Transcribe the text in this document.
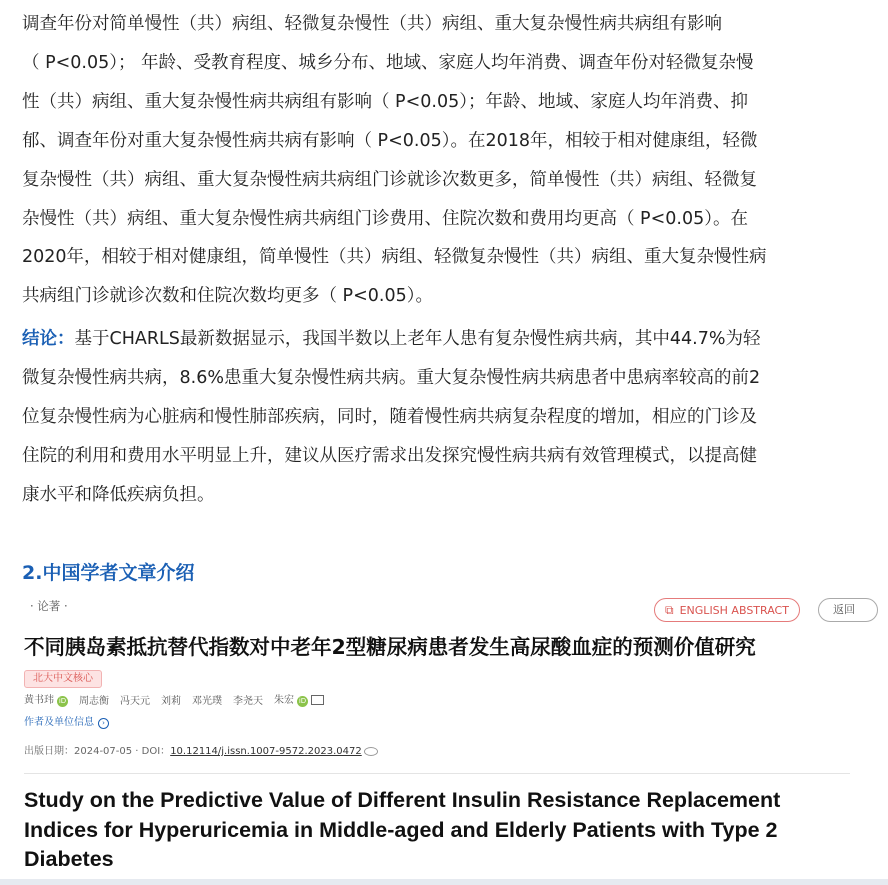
调查年份对简单慢性（共）病组、轻微复杂慢性（共）病组、重大复杂慢性病共病组有影响
（ P<0.05）； 年龄、受教育程度、城乡分布、地域、家庭人均年消费、调查年份对轻微复杂慢
性（共）病组、重大复杂慢性病共病组有影响（ P<0.05）；年龄、地域、家庭人均年消费、抑
郁、调查年份对重大复杂慢性病共病有影响（ P<0.05）。在2018年，相较于相对健康组，轻微
复杂慢性（共）病组、重大复杂慢性病共病组门诊就诊次数更多，简单慢性（共）病组、轻微复
杂慢性（共）病组、重大复杂慢性病共病组门诊费用、住院次数和费用均更高（ P<0.05）。在
2020年，相较于相对健康组，简单慢性（共）病组、轻微复杂慢性（共）病组、重大复杂慢性病
共病组门诊就诊次数和住院次数均更多（ P<0.05）。
结论：基于CHARLS最新数据显示，我国半数以上老年人患有复杂慢性病共病，其中44.7%为轻
微复杂慢性病共病，8.6%患重大复杂慢性病共病。重大复杂慢性病共病患者中患病率较高的前2
位复杂慢性病为心脏病和慢性肺部疾病，同时，随着慢性病共病复杂程度的增加，相应的门诊及
住院的利用和费用水平明显上升，建议从医疗需求出发探究慢性病共病有效管理模式，以提高健
康水平和降低疾病负担。
2.中国学者文章介绍
· 论著 ·	⧉ ENGLISH ABSTRACT	返回
不同胰岛素抵抗替代指数对中老年2型糖尿病患者发生高尿酸血症的预测价值研究
北大中文核心
黄书玮 iD 周志衡 冯天元 刘莉 邓光璞 李尧天 朱宏 iD
作者及单位信息 ›
出版日期：2024-07-05 · DOI：10.12114/j.issn.1007-9572.2023.0472
Study on the Predictive Value of Different Insulin Resistance Replacement
Indices for Hyperuricemia in Middle-aged and Elderly Patients with Type 2
Diabetes
